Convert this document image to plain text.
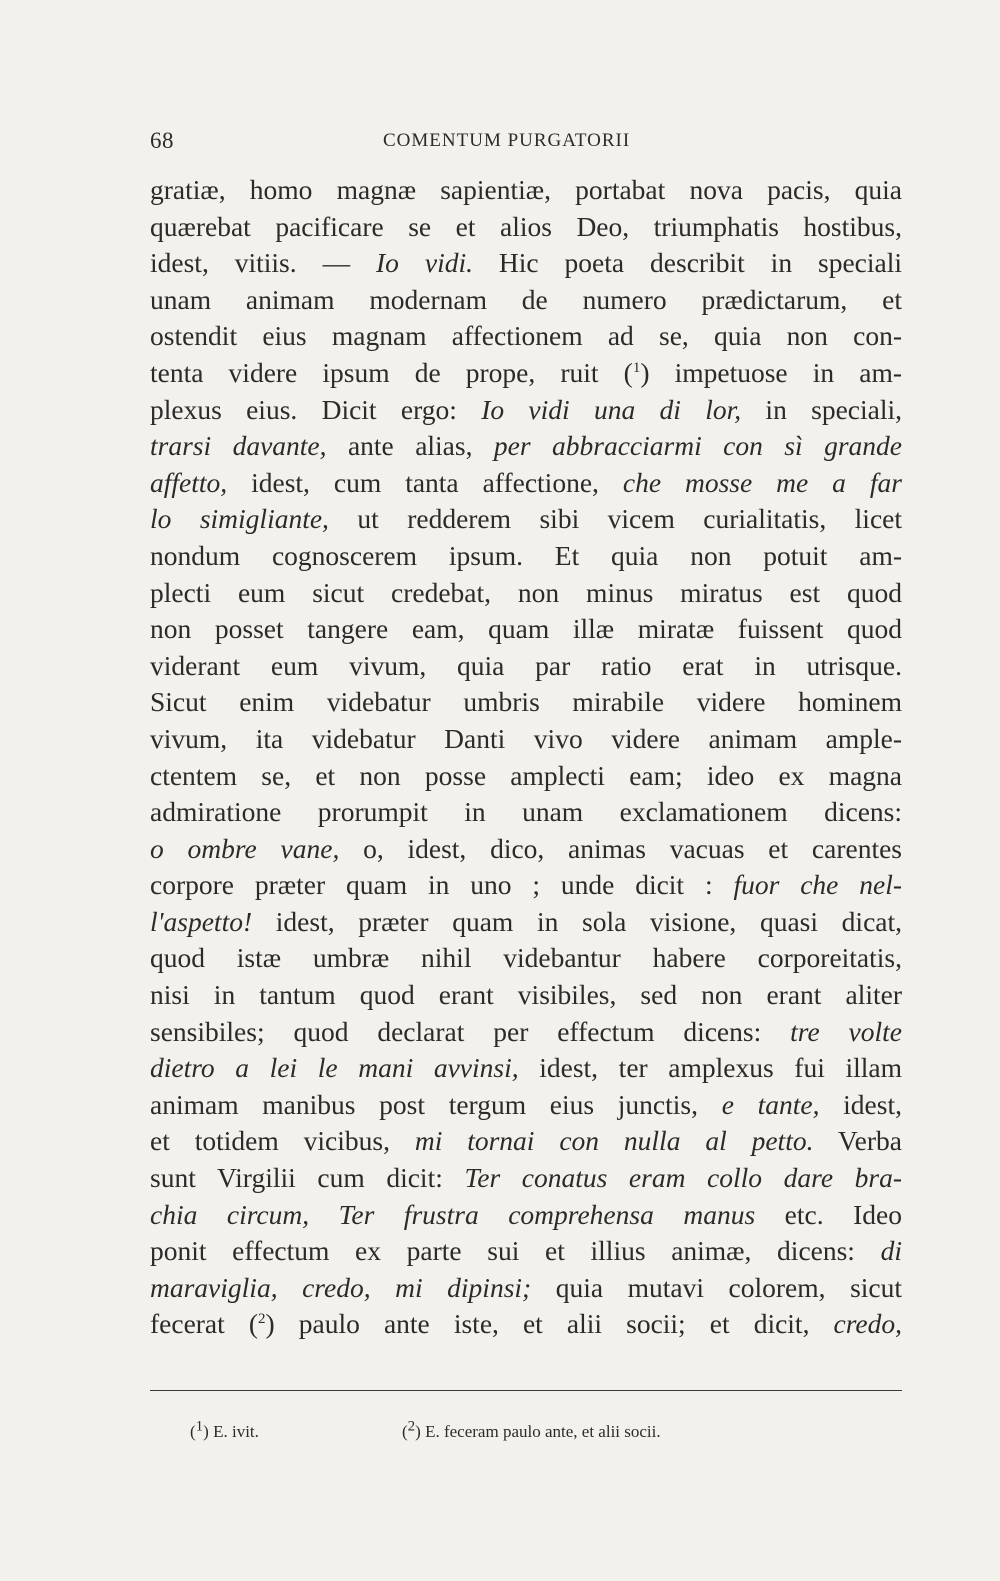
68	COMENTUM PURGATORII
gratiæ, homo magnæ sapientiæ, portabat nova pacis, quia
quærebat pacificare se et alios Deo, triumphatis hostibus,
idest, vitiis. — Io vidi. Hic poeta describit in speciali
unam animam modernam de numero prædictarum, et
ostendit eius magnam affectionem ad se, quia non con-
tenta videre ipsum de prope, ruit ($^1$) impetuose in am-
plexus eius. Dicit ergo: Io vidi una di lor, in speciali,
trarsi davante, ante alias, per abbracciarmi con sì grande
affetto, idest, cum tanta affectione, che mosse me a far
lo simigliante, ut redderem sibi vicem curialitatis, licet
nondum cognoscerem ipsum. Et quia non potuit am-
plecti eum sicut credebat, non minus miratus est quod
non posset tangere eam, quam illæ miratæ fuissent quod
viderant eum vivum, quia par ratio erat in utrisque.
Sicut enim videbatur umbris mirabile videre hominem
vivum, ita videbatur Danti vivo videre animam ample-
ctentem se, et non posse amplecti eam; ideo ex magna
admiratione prorumpit in unam exclamationem dicens:
o ombre vane, o, idest, dico, animas vacuas et carentes
corpore præter quam in uno ; unde dicit : fuor che nel-
l'aspetto! idest, præter quam in sola visione, quasi dicat,
quod istæ umbræ nihil videbantur habere corporeitatis,
nisi in tantum quod erant visibiles, sed non erant aliter
sensibiles; quod declarat per effectum dicens: tre volte
dietro a lei le mani avvinsi, idest, ter amplexus fui illam
animam manibus post tergum eius junctis, e tante, idest,
et totidem vicibus, mi tornai con nulla al petto. Verba
sunt Virgilii cum dicit: Ter conatus eram collo dare bra-
chia circum, Ter frustra comprehensa manus etc. Ideo
ponit effectum ex parte sui et illius animæ, dicens: di
maraviglia, credo, mi dipinsi; quia mutavi colorem, sicut
fecerat ($^2$) paulo ante iste, et alii socii; et dicit, credo,
($^1$) E. ivit.	($^2$) E. feceram paulo ante, et alii socii.
